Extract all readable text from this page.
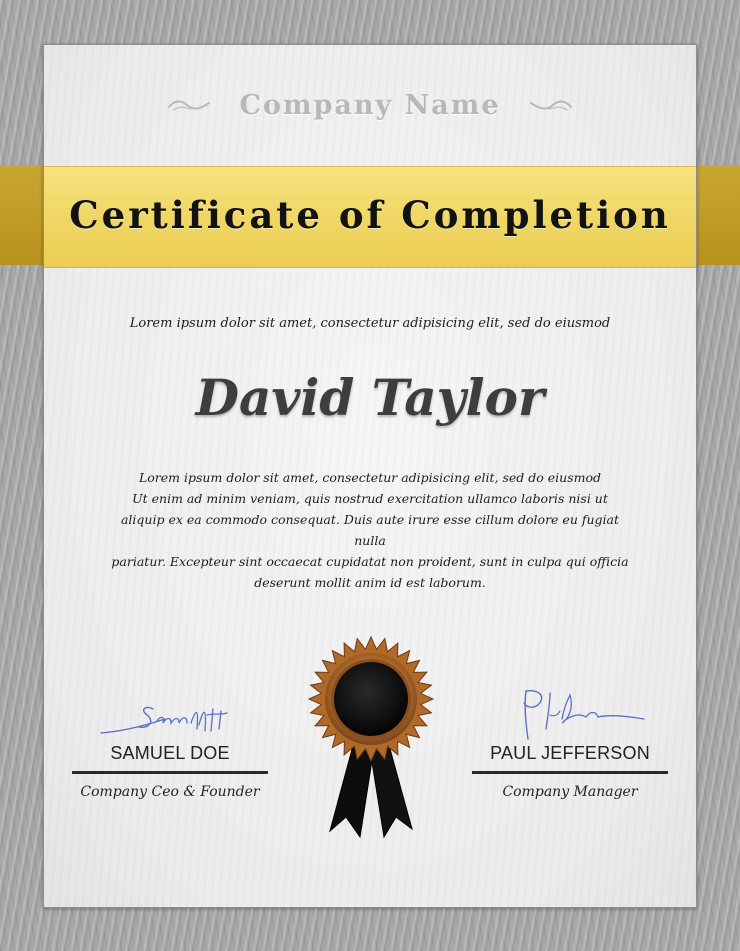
Company Name
Certificate of Completion
Lorem ipsum dolor sit amet, consectetur adipisicing elit, sed do eiusmod
David Taylor
Lorem ipsum dolor sit amet, consectetur adipisicing elit, sed do eiusmod
Ut enim ad minim veniam, quis nostrud exercitation ullamco laboris nisi ut
aliquip ex ea commodo consequat. Duis aute irure esse cillum dolore eu fugiat nulla
pariatur. Excepteur sint occaecat cupidatat non proident, sunt in culpa qui officia
deserunt mollit anim id est laborum.
SAMUEL DOE
Company Ceo & Founder
PAUL JEFFERSON
Company Manager
